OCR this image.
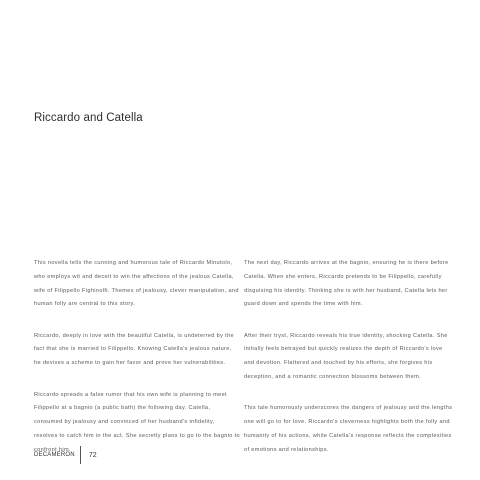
Riccardo and Catella

This novella tells the cunning and humorous tale of Riccardo Minutolo, who employs wit and deceit to win the affections of the jealous Catella, wife of Filippello Fighinolfi. Themes of jealousy, clever manipulation, and human folly are central to this story.

Riccardo, deeply in love with the beautiful Catella, is undeterred by the fact that she is married to Filippello. Knowing Catella's jealous nature, he devises a scheme to gain her favor and prove her vulnerabilities.

Riccardo spreads a false rumor that his own wife is planning to meet Filippello at a bagnio (a public bath) the following day. Catella, consumed by jealousy and convinced of her husband's infidelity, resolves to catch him in the act. She secretly plans to go to the bagnio to confront him.

The next day, Riccardo arrives at the bagnio, ensuring he is there before Catella. When she enters, Riccardo pretends to be Filippello, carefully disguising his identity. Thinking she is with her husband, Catella lets her guard down and spends the time with him.

After their tryst, Riccardo reveals his true identity, shocking Catella. She initially feels betrayed but quickly realizes the depth of Riccardo's love and devotion. Flattered and touched by his efforts, she forgives his deception, and a romantic connection blossoms between them.

This tale humorously underscores the dangers of jealousy and the lengths one will go to for love. Riccardo's cleverness highlights both the folly and humanity of his actions, while Catella's response reflects the complexities of emotions and relationships.

DECAMERON 72
